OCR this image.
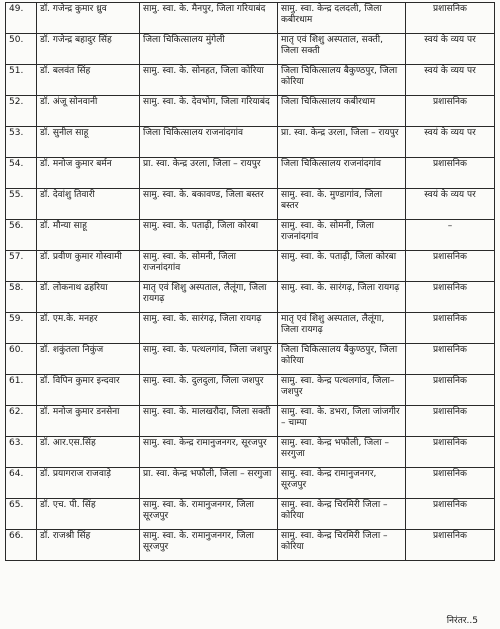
49.	डॉ. गजेन्द्र कुमार ध्रुव	सामु. स्वा. के. मैनपुर, जिला गरियाबंद	सामु. स्वा. केन्द्र दलदली, जिला कबीरधाम	प्रशासनिक
50.	डॉ. गजेन्द्र बहादुर सिंह	जिला चिकित्सालय मुंगेली	मातृ एवं शिशु अस्पताल, सक्ती, जिला सक्ती	स्वयं के व्यय पर
51.	डॉ. बलवंत सिंह	सामु. स्वा. के. सोनहत, जिला कोरिया	जिला चिकित्सालय बैकुण्ठपुर, जिला कोरिया	स्वयं के व्यय पर
52.	डॉ. अंजू सोनवानी	सामु. स्वा. के. देवभोग, जिला गरियाबंद	जिला चिकित्सालय कबीरधाम	प्रशासनिक
53.	डॉ. सुनील साहू	जिला चिकित्सालय राजनांदगांव	प्रा. स्वा. केन्द्र उरला, जिला – रायपुर	स्वयं के व्यय पर
54.	डॉ. मनोज कुमार बर्मन	प्रा. स्वा. केन्द्र उरला, जिला – रायपुर	जिला चिकित्सालय राजनांदगांव	प्रशासनिक
55.	डॉ. देवांशु तिवारी	सामु. स्वा. के. बकावण्ड, जिला बस्तर	सामु. स्वा. के. मुण्डागांव, जिला बस्तर	स्वयं के व्यय पर
56.	डॉ. मौन्या साहू	सामु. स्वा. के. पताढ़ी, जिला कोरबा	सामु. स्वा. के. सोमनी, जिला राजनांदगांव	–
57.	डॉ. प्रवीण कुमार गोस्वामी	सामु. स्वा. के. सोमनी, जिला राजनांदगांव	सामु. स्वा. के. पताढ़ी, जिला कोरबा	प्रशासनिक
58.	डॉ. लोकनाथ ढहरिया	मातृ एवं शिशु अस्पताल, लैलूंगा, जिला रायगढ़	सामु. स्वा. के. सारंगढ़, जिला रायगढ़	प्रशासनिक
59.	डॉ. एम.के. मनहर	सामु. स्वा. के. सारंगढ़, जिला रायगढ़	मातृ एवं शिशु अस्पताल, लैलूंगा, जिला रायगढ़	प्रशासनिक
60.	डॉ. शकुंतला निकुंज	सामु. स्वा. के. पत्थलगांव, जिला जशपुर	जिला चिकित्सालय बैकुण्ठपुर, जिला कोरिया	प्रशासनिक
61.	डॉ. विपिन कुमार इन्दवार	सामु. स्वा. के. दुलदुला, जिला जशपुर	सामु. स्वा. केन्द्र पत्थलगांव, जिला–जशपुर	प्रशासनिक
62.	डॉ. मनोज कुमार डनसेना	सामु. स्वा. के. मालखरौदा, जिला सक्ती	सामु. स्वा. के. डभरा, जिला जांजगीर – चाम्पा	प्रशासनिक
63.	डॉ. आर.एस.सिंह	सामु. स्वा. केन्द्र रामानुजनगर, सूरजपुर	सामु. स्वा. केन्द्र भफौली, जिला – सरगुजा	प्रशासनिक
64.	डॉ. प्रयागराज राजवाड़े	प्रा. स्वा. केन्द्र भफौली, जिला – सरगुजा	सामु. स्वा. केन्द्र रामानुजनगर, सूरजपुर	प्रशासनिक
65.	डॉ. एच. पी. सिंह	सामु. स्वा. के. रामानुजनगर, जिला सूरजपुर	सामु. स्वा. केन्द्र चिरमिरी जिला – कोरिया	प्रशासनिक
66.	डॉ. राजश्री सिंह	सामु. स्वा. के. रामानुजनगर, जिला सूरजपुर	सामु. स्वा. केन्द्र चिरमिरी जिला – कोरिया	प्रशासनिक
निरंतर..5
